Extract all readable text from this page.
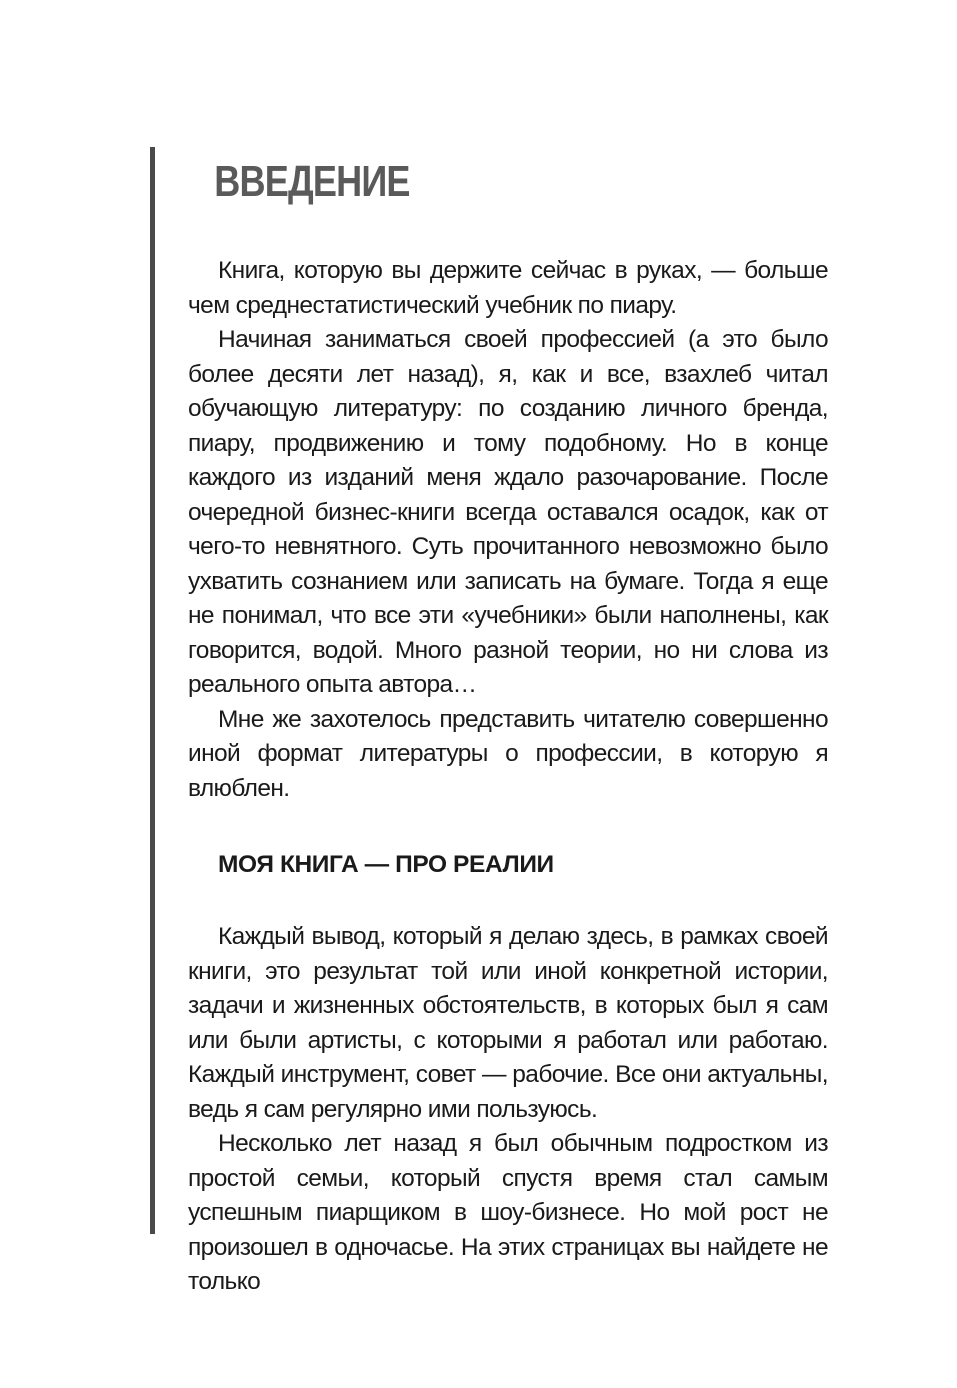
ВВЕДЕНИЕ

Книга, которую вы держите сейчас в руках, — больше чем среднестатистический учебник по пиару.

Начиная заниматься своей профессией (а это было более десяти лет назад), я, как и все, взахлеб читал обучающую литературу: по созданию личного бренда, пиару, продвижению и тому подобному. Но в конце каждого из изданий меня ждало разочарование. После очередной бизнес-книги всегда оставался осадок, как от чего-то невнятного. Суть прочитанного невозможно было ухватить сознанием или записать на бумаге. Тогда я еще не понимал, что все эти «учебники» были наполнены, как говорится, водой. Много разной теории, но ни слова из реального опыта автора…

Мне же захотелось представить читателю совершенно иной формат литературы о профессии, в которую я влюблен.

МОЯ КНИГА — ПРО РЕАЛИИ

Каждый вывод, который я делаю здесь, в рамках своей книги, это результат той или иной конкретной истории, задачи и жизненных обстоятельств, в которых был я сам или были артисты, с которыми я работал или работаю. Каждый инструмент, совет — рабочие. Все они актуальны, ведь я сам регулярно ими пользуюсь.

Несколько лет назад я был обычным подростком из простой семьи, который спустя время стал самым успешным пиарщиком в шоу-бизнесе. Но мой рост не произошел в одночасье. На этих страницах вы найдете не только
